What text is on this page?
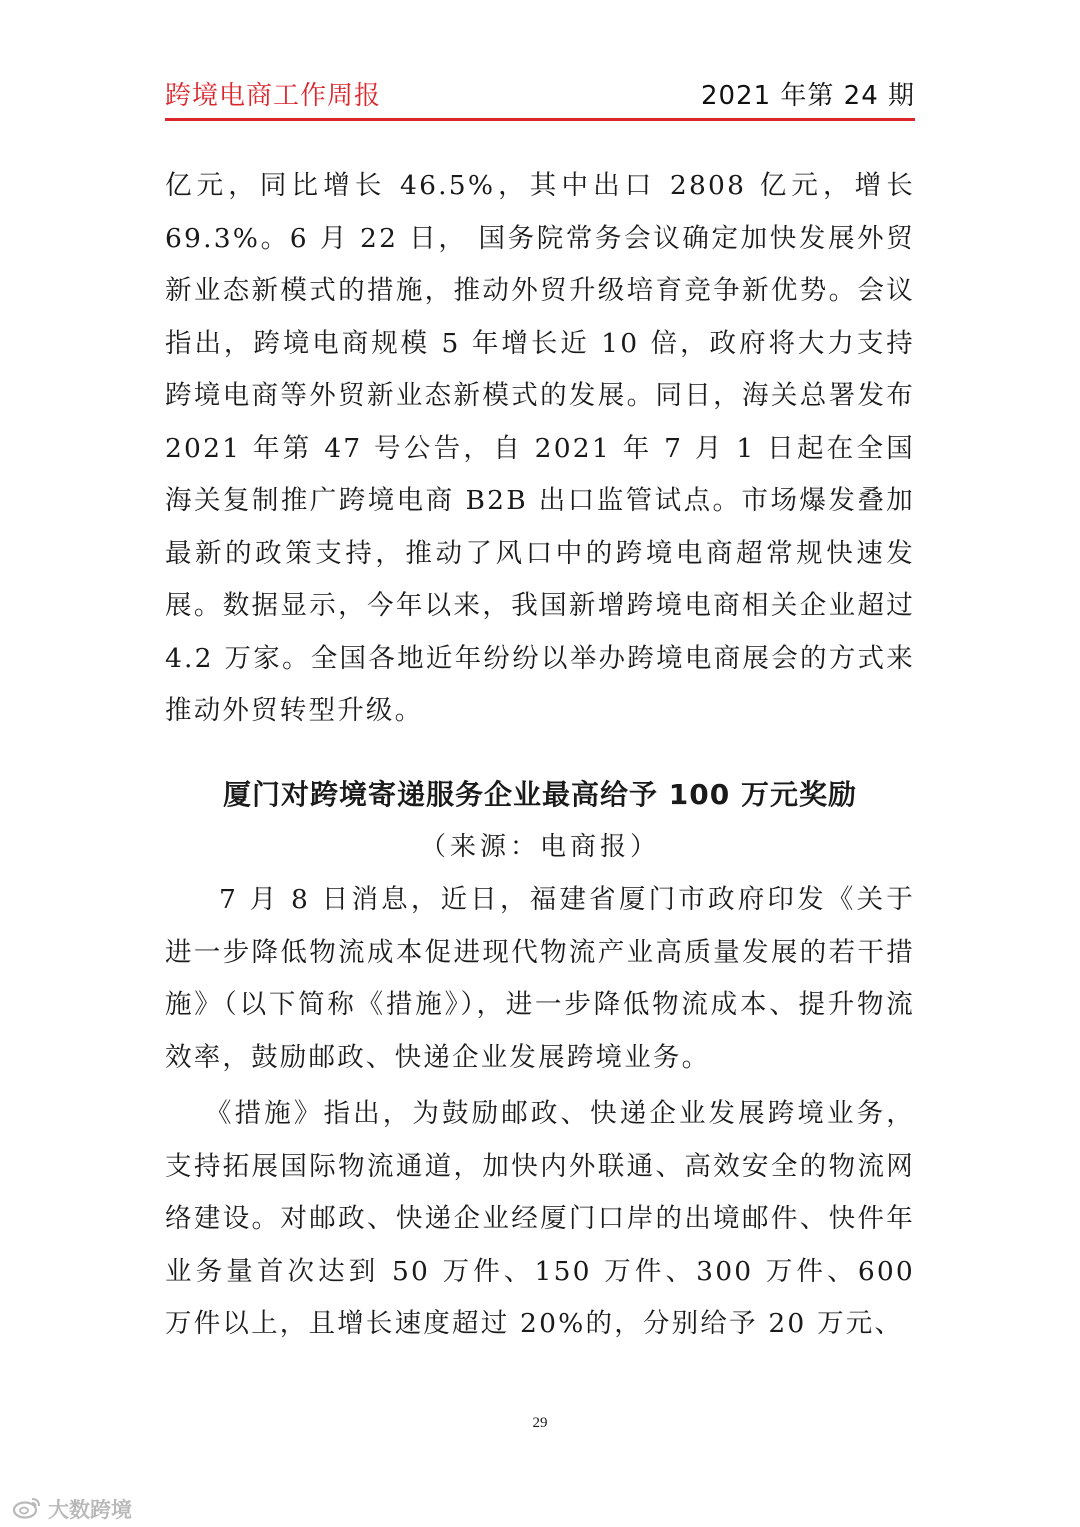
跨境电商工作周报	2021 年第 24 期
亿元，同比增长 46.5%，其中出口 2808 亿元，增长 69.3%。6 月 22 日， 国务院常务会议确定加快发展外贸新业态新模式的措施，推动外贸升级培育竞争新优势。会议指出，跨境电商规模 5 年增长近 10 倍，政府将大力支持跨境电商等外贸新业态新模式的发展。同日，海关总署发布 2021 年第 47 号公告，自 2021 年 7 月 1 日起在全国海关复制推广跨境电商 B2B 出口监管试点。市场爆发叠加最新的政策支持，推动了风口中的跨境电商超常规快速发展。数据显示，今年以来，我国新增跨境电商相关企业超过 4.2 万家。全国各地近年纷纷以举办跨境电商展会的方式来推动外贸转型升级。
厦门对跨境寄递服务企业最高给予 100 万元奖励
（来源：电商报）
7 月 8 日消息，近日，福建省厦门市政府印发《关于进一步降低物流成本促进现代物流产业高质量发展的若干措施》（以下简称《措施》），进一步降低物流成本、提升物流效率，鼓励邮政、快递企业发展跨境业务。
《措施》指出，为鼓励邮政、快递企业发展跨境业务，支持拓展国际物流通道，加快内外联通、高效安全的物流网络建设。对邮政、快递企业经厦门口岸的出境邮件、快件年业务量首次达到 50 万件、150 万件、300 万件、600 万件以上，且增长速度超过 20%的，分别给予 20 万元、
29
大数跨境
